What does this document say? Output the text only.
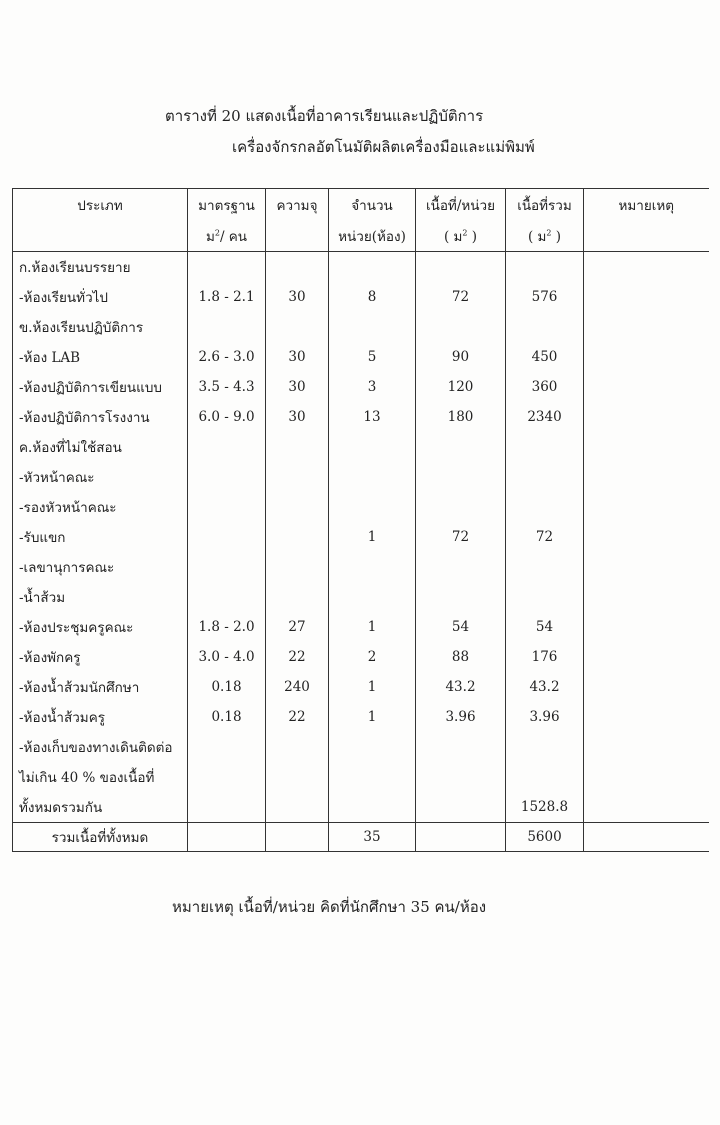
ตารางที่ 20 แสดงเนื้อที่อาคารเรียนและปฏิบัติการ
เครื่องจักรกลอัตโนมัติผลิตเครื่องมือและแม่พิมพ์
ประเภท	มาตรฐาน	ความจุ	จำนวน	เนื้อที่/หน่วย	เนื้อที่รวม	หมายเหตุ
	ม$^2$/ คน		หน่วย(ห้อง)	( ม$^2$ )	( ม$^2$ )	
ก.ห้องเรียนบรรยาย						
-ห้องเรียนทั่วไป	1.8 - 2.1	30	8	72	576	
ข.ห้องเรียนปฏิบัติการ						
-ห้อง LAB	2.6 - 3.0	30	5	90	450	
-ห้องปฏิบัติการเขียนแบบ	3.5 - 4.3	30	3	120	360	
-ห้องปฏิบัติการโรงงาน	6.0 - 9.0	30	13	180	2340	
ค.ห้องที่ไม่ใช้สอน						
-หัวหน้าคณะ						
-รองหัวหน้าคณะ						
-รับแขก			1	72	72	
-เลขานุการคณะ						
-น้ำส้วม						
-ห้องประชุมครูคณะ	1.8 - 2.0	27	1	54	54	
-ห้องพักครู	3.0 - 4.0	22	2	88	176	
-ห้องน้ำส้วมนักศึกษา	0.18	240	1	43.2	43.2	
-ห้องน้ำส้วมครู	0.18	22	1	3.96	3.96	
-ห้องเก็บของทางเดินติดต่อ						
ไม่เกิน 40 % ของเนื้อที่						
ทั้งหมดรวมกัน					1528.8	
รวมเนื้อที่ทั้งหมด			35		5600	
หมายเหตุ เนื้อที่/หน่วย คิดที่นักศึกษา 35 คน/ห้อง
